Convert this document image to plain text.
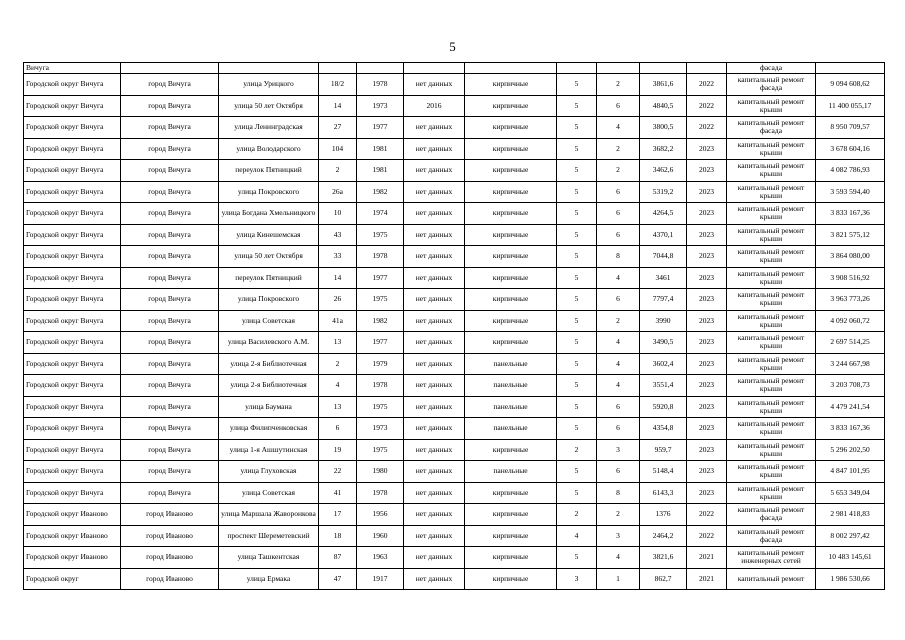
5
Вичуга											фасада	
Городской округ Вичуга	город Вичуга	улица Урицкого	18/2	1978	нет данных	кирпичные	5	2	3861,6	2022	капитальный ремонт фасада	9 094 608,62
Городской округ Вичуга	город Вичуга	улица 50 лет Октября	14	1973	2016	кирпичные	5	6	4840,5	2022	капитальный ремонт крыши	11 400 055,17
Городской округ Вичуга	город Вичуга	улица Ленинградская	27	1977	нет данных	кирпичные	5	4	3800,5	2022	капитальный ремонт фасада	8 950 709,57
Городской округ Вичуга	город Вичуга	улица Володарского	104	1981	нет данных	кирпичные	5	2	3682,2	2023	капитальный ремонт крыши	3 678 604,16
Городской округ Вичуга	город Вичуга	переулок Пятницкий	2	1981	нет данных	кирпичные	5	2	3462,6	2023	капитальный ремонт крыши	4 082 786,93
Городской округ Вичуга	город Вичуга	улица Покровского	26а	1982	нет данных	кирпичные	5	6	5319,2	2023	капитальный ремонт крыши	3 593 594,40
Городской округ Вичуга	город Вичуга	улица Богдана Хмельницкого	10	1974	нет данных	кирпичные	5	6	4264,5	2023	капитальный ремонт крыши	3 833 167,36
Городской округ Вичуга	город Вичуга	улица Кинешемская	43	1975	нет данных	кирпичные	5	6	4370,1	2023	капитальный ремонт крыши	3 821 575,12
Городской округ Вичуга	город Вичуга	улица 50 лет Октября	33	1978	нет данных	кирпичные	5	8	7044,8	2023	капитальный ремонт крыши	3 864 080,00
Городской округ Вичуга	город Вичуга	переулок Пятницкий	14	1977	нет данных	кирпичные	5	4	3461	2023	капитальный ремонт крыши	3 908 516,92
Городской округ Вичуга	город Вичуга	улица Покровского	26	1975	нет данных	кирпичные	5	6	7797,4	2023	капитальный ремонт крыши	3 963 773,26
Городской округ Вичуга	город Вичуга	улица Советская	41а	1982	нет данных	кирпичные	5	2	3990	2023	капитальный ремонт крыши	4 092 060,72
Городской округ Вичуга	город Вичуга	улица Василевского А.М.	13	1977	нет данных	кирпичные	5	4	3490,5	2023	капитальный ремонт крыши	2 697 514,25
Городской округ Вичуга	город Вичуга	улица 2-я Библиотечная	2	1979	нет данных	панельные	5	4	3602,4	2023	капитальный ремонт крыши	3 244 667,98
Городской округ Вичуга	город Вичуга	улица 2-я Библиотечная	4	1978	нет данных	панельные	5	4	3551,4	2023	капитальный ремонт крыши	3 203 708,73
Городской округ Вичуга	город Вичуга	улица Баумана	13	1975	нет данных	панельные	5	6	5920,8	2023	капитальный ремонт крыши	4 479 241,54
Городской округ Вичуга	город Вичуга	улица Филипченковская	6	1973	нет данных	панельные	5	6	4354,8	2023	капитальный ремонт крыши	3 833 167,36
Городской округ Вичуга	город Вичуга	улица 1-я Ашшутинская	19	1975	нет данных	кирпичные	2	3	959,7	2023	капитальный ремонт крыши	5 296 202,50
Городской округ Вичуга	город Вичуга	улица Глуховская	22	1980	нет данных	панельные	5	6	5148,4	2023	капитальный ремонт крыши	4 847 101,95
Городской округ Вичуга	город Вичуга	улица Советская	41	1978	нет данных	кирпичные	5	8	6143,3	2023	капитальный ремонт крыши	5 653 349,04
Городской округ Иваново	город Иваново	улица Маршала Жаворонкова	17	1956	нет данных	кирпичные	2	2	1376	2022	капитальный ремонт фасада	2 981 418,83
Городской округ Иваново	город Иваново	проспект Шереметевский	18	1960	нет данных	кирпичные	4	3	2464,2	2022	капитальный ремонт фасада	8 002 297,42
Городской округ Иваново	город Иваново	улица Ташкентская	87	1963	нет данных	кирпичные	5	4	3821,6	2021	капитальный ремонт инженерных сетей	10 483 145,61
Городской округ	город Иваново	улица Ермака	47	1917	нет данных	кирпичные	3	1	862,7	2021	капитальный ремонт	1 986 530,66
